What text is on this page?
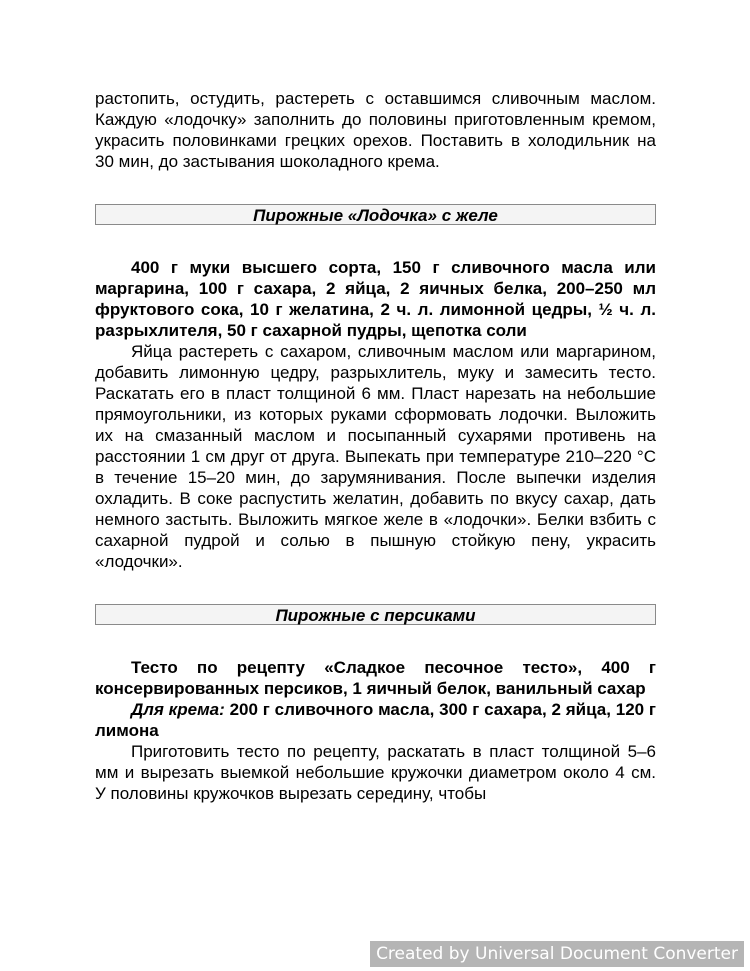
растопить, остудить, растереть с оставшимся сливочным маслом. Каждую «лодочку» заполнить до половины приготовленным кремом, украсить половинками грецких орехов. Поставить в холодильник на 30 мин, до застывания шоколадного крема.

Пирожные «Лодочка» с желе

400 г муки высшего сорта, 150 г сливочного масла или маргарина, 100 г сахара, 2 яйца, 2 яичных белка, 200–250 мл фруктового сока, 10 г желатина, 2 ч. л. лимонной цедры, ½ ч. л. разрыхлителя, 50 г сахарной пудры, щепотка соли

Яйца растереть с сахаром, сливочным маслом или маргарином, добавить лимонную цедру, разрыхлитель, муку и замесить тесто. Раскатать его в пласт толщиной 6 мм. Пласт нарезать на небольшие прямоугольники, из которых руками сформовать лодочки. Выложить их на смазанный маслом и посыпанный сухарями противень на расстоянии 1 см друг от друга. Выпекать при температуре 210–220 °С в течение 15–20 мин, до зарумянивания. После выпечки изделия охладить. В соке распустить желатин, добавить по вкусу сахар, дать немного застыть. Выложить мягкое желе в «лодочки». Белки взбить с сахарной пудрой и солью в пышную стойкую пену, украсить «лодочки».

Пирожные с персиками

Тесто по рецепту «Сладкое песочное тесто», 400 г консервированных персиков, 1 яичный белок, ванильный сахар

Для крема: 200 г сливочного масла, 300 г сахара, 2 яйца, 120 г лимона

Приготовить тесто по рецепту, раскатать в пласт толщиной 5–6 мм и вырезать выемкой небольшие кружочки диаметром около 4 см. У половины кружочков вырезать середину, чтобы

Created by Universal Document Converter
